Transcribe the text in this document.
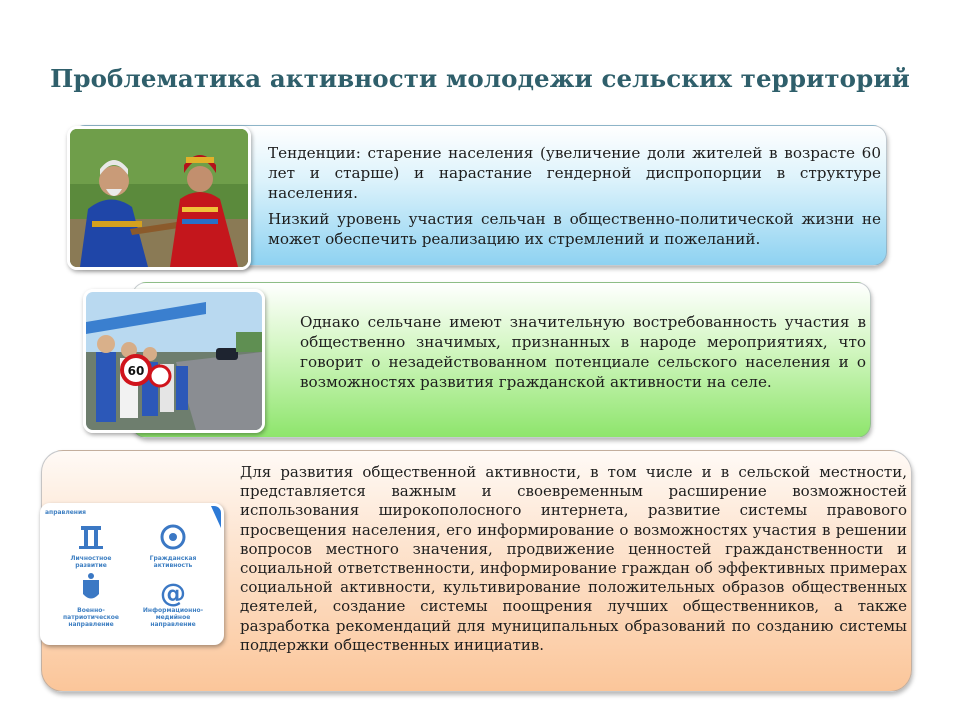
Проблематика активности молодежи сельских территорий

Тенденции: старение населения (увеличение доли жителей в возрасте 60 лет и старше) и нарастание гендерной диспропорции в структуре населения.

Низкий уровень участия сельчан в общественно-политической жизни не может обеспечить реализацию их стремлений и пожеланий.

60

Однако сельчане имеют значительную востребованность участия в общественно значимых, признанных в народе мероприятиях, что говорит о незадействованном потенциале сельского населения и о возможностях развития гражданской активности на селе.

аправления
Личностное
развитие
Гражданская
активность
Военно-
патриотическое
направление
@
Информационно-
медийное
направление

Для развития общественной активности, в том числе и в сельской местности, представляется важным и своевременным расширение возможностей использования широкополосного интернета, развитие системы правового просвещения населения, его информирование о возможностях участия в решении вопросов местного значения, продвижение ценностей гражданственности и социальной ответственности, информирование граждан об эффективных примерах социальной активности, культивирование положительных образов общественных деятелей, создание системы поощрения лучших общественников, а также разработка рекомендаций для муниципальных образований по созданию системы поддержки общественных инициатив.
